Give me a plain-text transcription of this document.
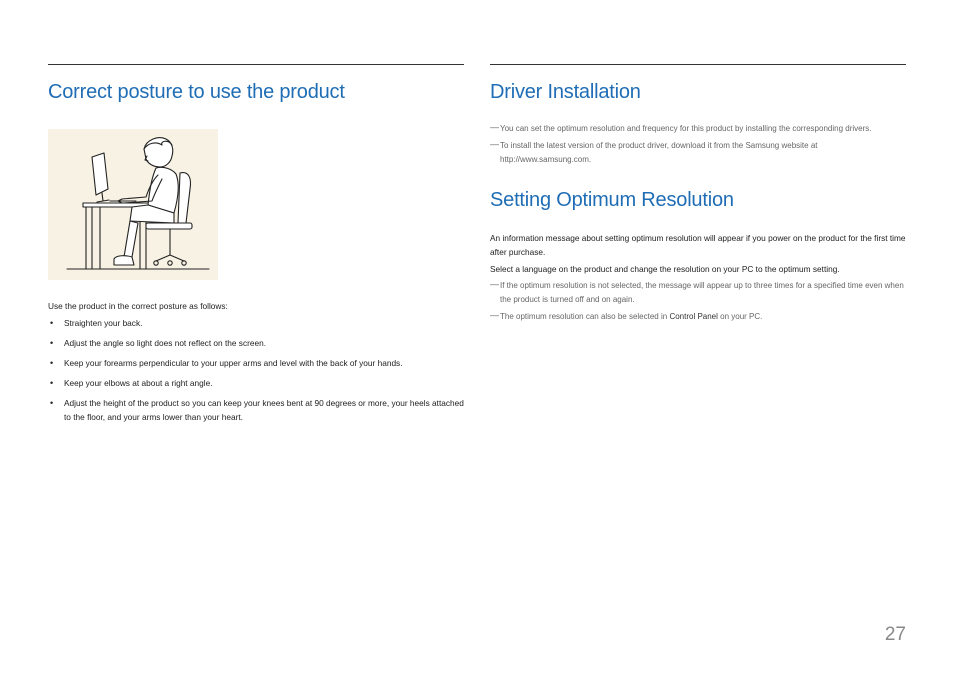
Correct posture to use the product
Use the product in the correct posture as follows:
• Straighten your back.
• Adjust the angle so light does not reflect on the screen.
• Keep your forearms perpendicular to your upper arms and level with the back of your hands.
• Keep your elbows at about a right angle.
• Adjust the height of the product so you can keep your knees bent at 90 degrees or more, your heels attached to the floor, and your arms lower than your heart.
Driver Installation
— You can set the optimum resolution and frequency for this product by installing the corresponding drivers.
— To install the latest version of the product driver, download it from the Samsung website at http://www.samsung.com.
Setting Optimum Resolution
An information message about setting optimum resolution will appear if you power on the product for the first time after purchase.
Select a language on the product and change the resolution on your PC to the optimum setting.
— If the optimum resolution is not selected, the message will appear up to three times for a specified time even when the product is turned off and on again.
— The optimum resolution can also be selected in Control Panel on your PC.
27
